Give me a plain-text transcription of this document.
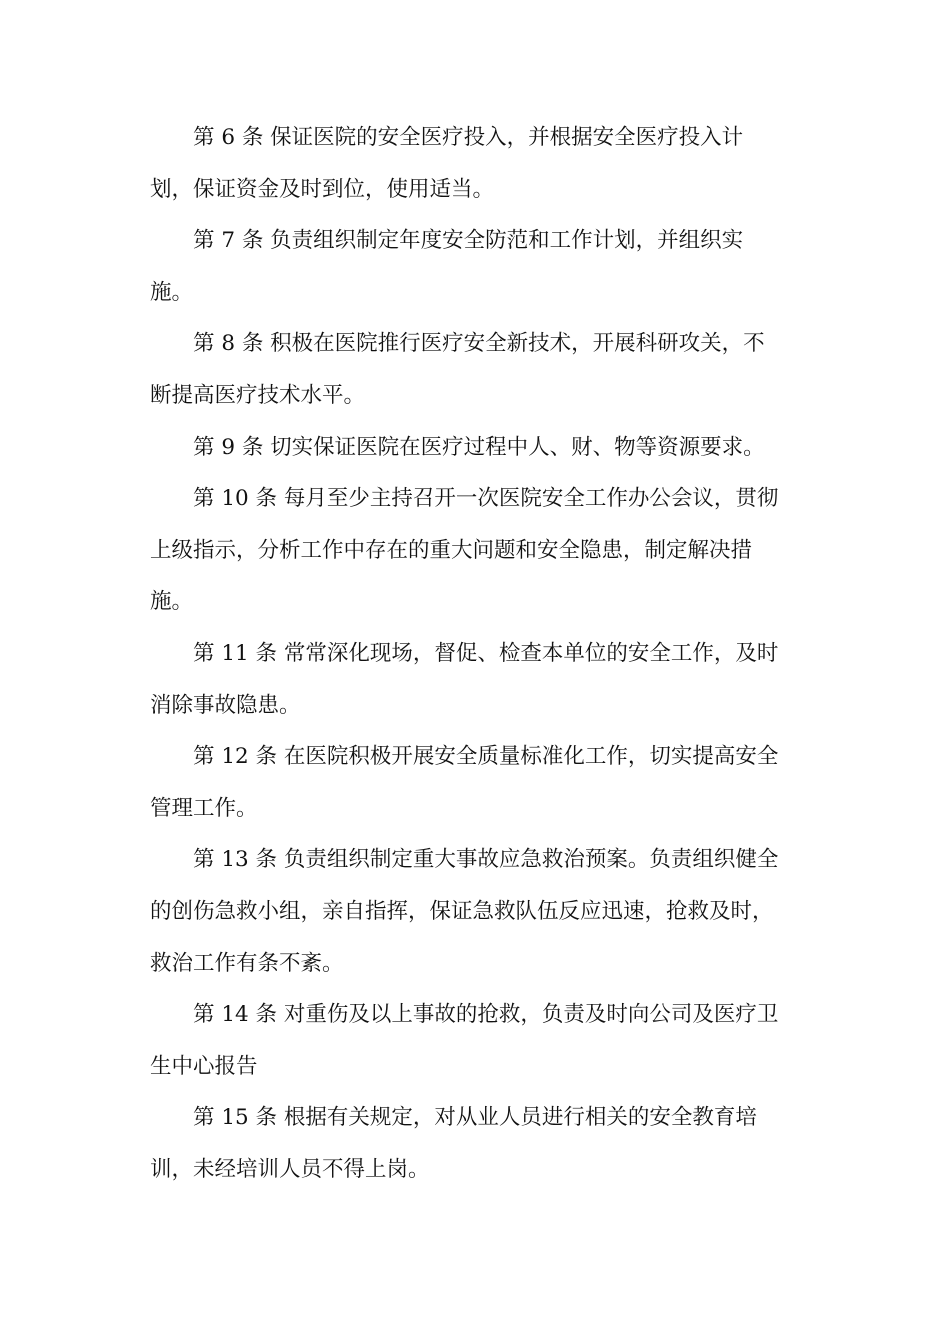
第 6 条 保证医院的安全医疗投入，并根据安全医疗投入计
划，保证资金及时到位，使用适当。
第 7 条 负责组织制定年度安全防范和工作计划，并组织实
施。
第 8 条 积极在医院推行医疗安全新技术，开展科研攻关，不
断提高医疗技术水平。
第 9 条 切实保证医院在医疗过程中人、财、物等资源要求。
第 10 条 每月至少主持召开一次医院安全工作办公会议，贯彻
上级指示，分析工作中存在的重大问题和安全隐患，制定解决措
施。
第 11 条 常常深化现场，督促、检查本单位的安全工作，及时
消除事故隐患。
第 12 条 在医院积极开展安全质量标准化工作，切实提高安全
管理工作。
第 13 条 负责组织制定重大事故应急救治预案。负责组织健全
的创伤急救小组，亲自指挥，保证急救队伍反应迅速，抢救及时，
救治工作有条不紊。
第 14 条 对重伤及以上事故的抢救，负责及时向公司及医疗卫
生中心报告
第 15 条 根据有关规定，对从业人员进行相关的安全教育培
训，未经培训人员不得上岗。
